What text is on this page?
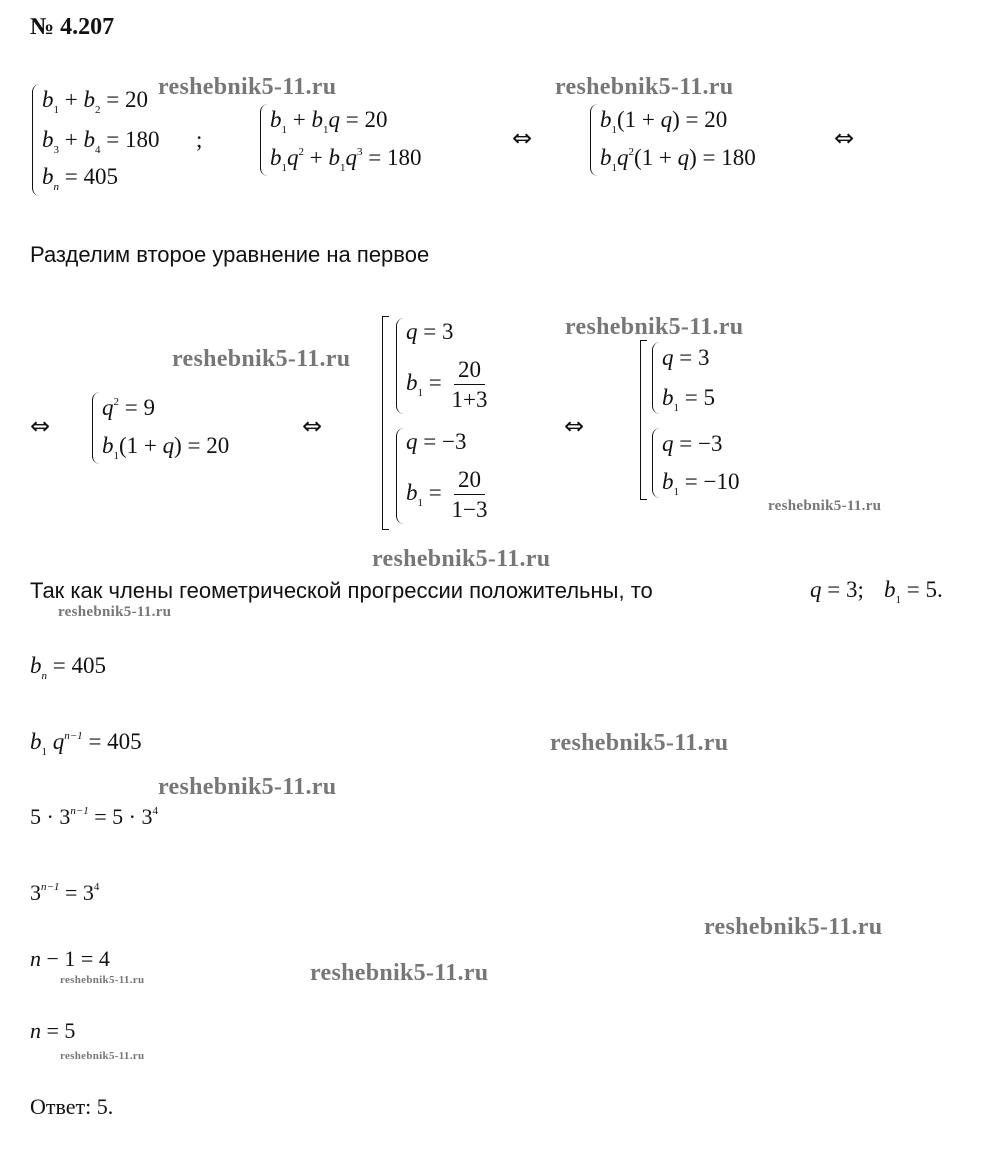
№ 4.207
$b_1 + b_2 = 20$
$b_3 + b_4 = 180$ ;
$b_n = 405$
$b_1 + b_1q = 20$
$b_1q^2 + b_1q^3 = 180$
⇔
$b_1(1 + q) = 20$
$b_1q^2(1 + q) = 180$
⇔
reshebnik5-11.ru	reshebnik5-11.ru
Разделим второе уравнение на первое
⇔
$q^2 = 9$
$b_1(1 + q) = 20$
⇔
q = 3
$b_1 = \frac{20}{1+3}$
q = −3
$b_1 = \frac{20}{1-3}$
⇔
q = 3
$b_1 = 5$
q = −3
$b_1 = -10$
reshebnik5-11.ru
reshebnik5-11.ru
reshebnik5-11.ru
reshebnik5-11.ru
Так как члены геометрической прогрессии положительны, то	q = 3; $b_1 = 5$.
reshebnik5-11.ru
$b_n = 405$
$b_1$ $q^{n-1} = 405$	reshebnik5-11.ru
reshebnik5-11.ru
$5 \cdot 3^{n-1} = 5 \cdot 3^4$
$3^{n-1} = 3^4$
reshebnik5-11.ru
n − 1 = 4
reshebnik5-11.ru
reshebnik5-11.ru
n = 5
reshebnik5-11.ru
Ответ: 5.
